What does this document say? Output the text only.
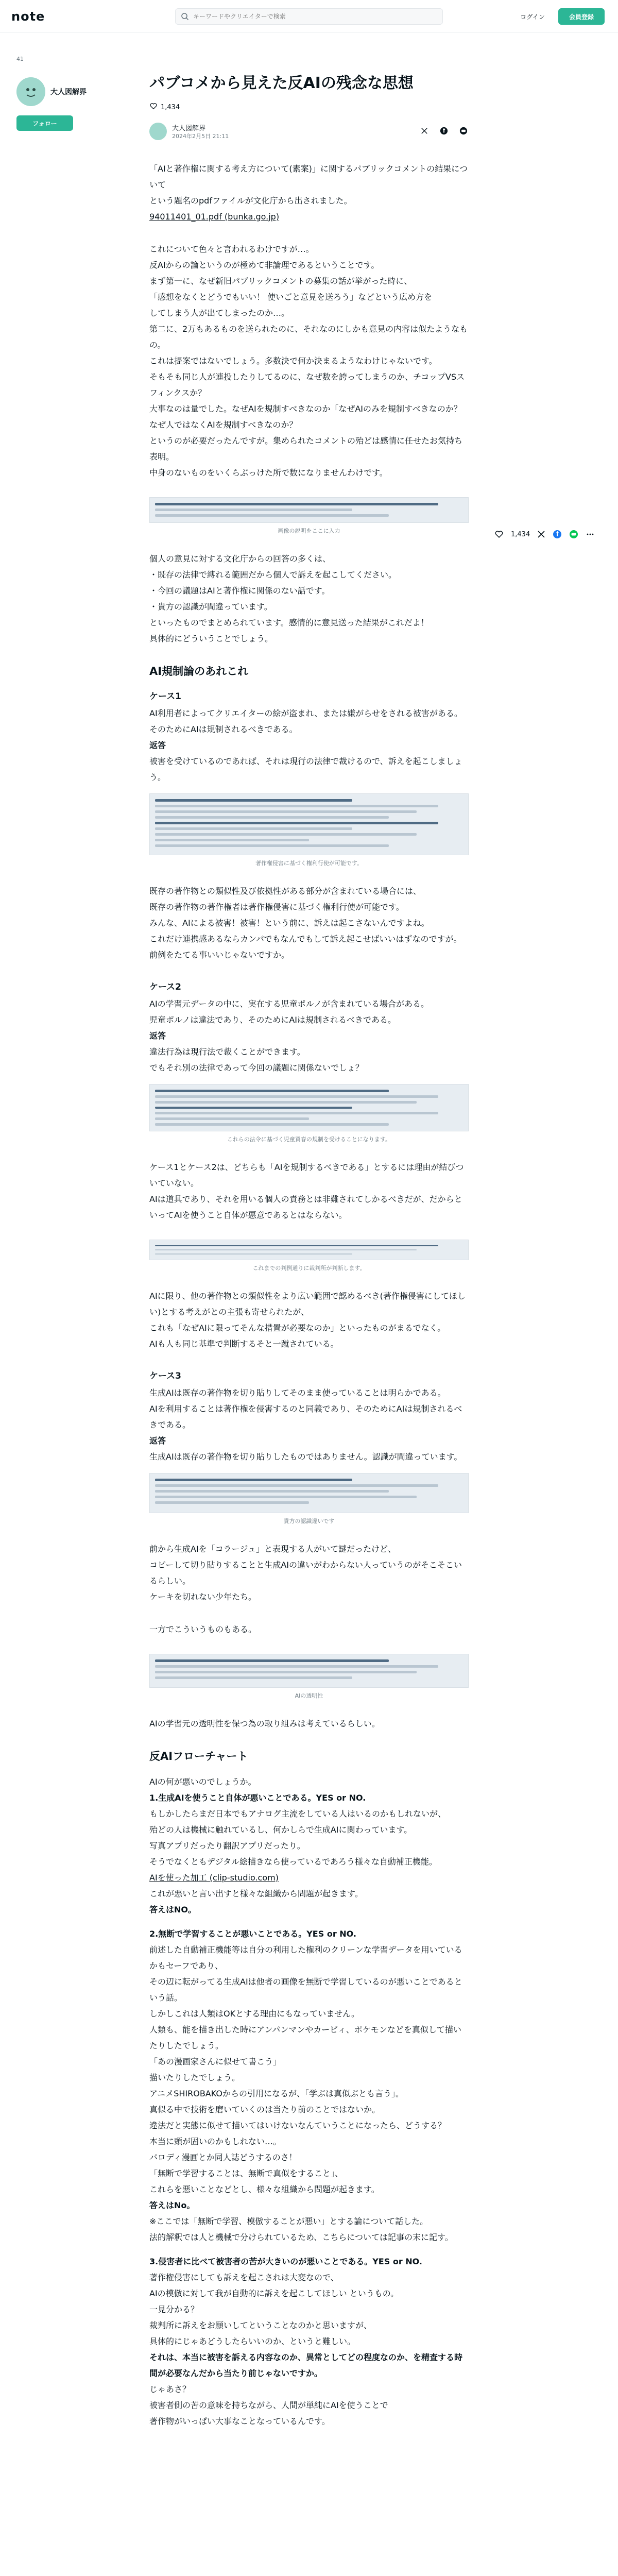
note
キーワードやクリエイターで検索	ログイン	会員登録
41
大人図解界
フォロー
1,434
パブコメから見えた反AIの残念な思想
1,434
大人図解界
2024年2月5日 21:11

「AIと著作権に関する考え方について(素案)」に関するパブリックコメントの結果について
という題名のpdfファイルが文化庁から出されました。
94011401_01.pdf (bunka.go.jp)

これについて色々と言われるわけですが…。
反AIからの論というのが極めて非論理であるということです。
まず第一に、なぜ新旧パブリックコメントの募集の話が挙がった時に、
「感想をなくとどうでもいい！ 使いごと意見を送ろう」などという広め方を
してしまう人が出てしまったのか…。
第二に、2万もあるものを送られたのに、それなのにしかも意見の内容は似たようなもの。
これは提案ではないでしょう。多数決で何か決まるようなわけじゃないです。
そもそも同じ人が連投したりしてるのに、なぜ数を誇ってしまうのか、チコップVSスフィンクスか？
大事なのは量でした。なぜAIを規制すべきなのか「なぜAIのみを規制すべきなのか？なぜ人ではなくAIを規制すべきなのか？
というのが必要だったんですが。集められたコメントの殆どは感情に任せたお気持ち表明。
中身のないものをいくらぶっけた所で数になりませんわけです。

画像の説明をここに入力

個人の意見に対する文化庁からの回答の多くは、
・既存の法律で縛れる範囲だから個人で訴えを起こしてください。
・今回の議題はAIと著作権に関係のない話です。
・貴方の認識が間違っています。
といったものでまとめられています。感情的に意見送った結果がこれだよ！
具体的にどういうことでしょう。

AI規制論のあれこれ
ケース1

AI利用者によってクリエイターの絵が盗まれ、または嫌がらせをされる被害がある。
そのためにAIは規制されるべきである。
返答
被害を受けているのであれば、それは現行の法律で裁けるので、訴えを起こしましょう。

著作権侵害に基づく権利行使が可能です。

既存の著作物との類似性及び依拠性がある部分が含まれている場合には、
既存の著作物の著作権者は著作権侵害に基づく権利行使が可能です。
みんな、AIによる被害！被害！という前に、訴えは起こさないんですよね。
これだけ連携感あるならカンパでもなんでもして訴え起こせばいいはずなのですが。前例をたてる事いいじゃないですか。

ケース2

AIの学習元データの中に、実在する児童ポルノが含まれている場合がある。
児童ポルノは違法であり、そのためにAIは規制されるべきである。
返答
違法行為は現行法で裁くことができます。
でもそれ別の法律であって今回の議題に関係ないでしょ？

これらの法令に基づく児童買春の規制を受けることになります。

ケース1とケース2は、どちらも「AIを規制するべきである」とするには理由が結びついていない。
AIは道具であり、それを用いる個人の責務とは非難されてしかるべきだが、だからといってAIを使うこと自体が悪意であるとはならない。

これまでの判例通りに裁判所が判断します。

AIに限り、他の著作物との類似性をより広い範囲で認めるべき(著作権侵害にしてほしい)とする考えがとの主張も寄せられたが、
これも「なぜAIに限ってそんな措置が必要なのか」といったものがまるでなく。
AIも人も同じ基準で判断するそと一蹴されている。

ケース3

生成AIは既存の著作物を切り貼りしてそのまま使っていることは明らかである。
AIを利用することは著作権を侵害するのと同義であり、そのためにAIは規制されるべきである。
返答
生成AIは既存の著作物を切り貼りしたものではありません。認識が間違っています。

貴方の認識違いです

前から生成AIを「コラージュ」と表現する人がいて謎だったけど、
コピーして切り貼りすることと生成AIの違いがわからない人っていうのがそこそこいるらしい。
ケーキを切れない少年たち。

一方でこういうものもある。

AIの透明性

AIの学習元の透明性を保つ為の取り組みは考えているらしい。

反AIフローチャート

AIの何が悪いのでしょうか。
1.生成AIを使うこと自体が悪いことである。YES or NO.
もしかしたらまだ日本でもアナログ主流をしている人はいるのかもしれないが、
殆どの人は機械に触れているし、何かしらで生成AIに関わっています。
写真アプリだったり翻訳アプリだったり。
そうでなくともデジタル絵描きなら使っているであろう様々な自動補正機能。
AIを使った加工 (clip-studio.com)
これが悪いと言い出すと様々な組織から問題が起きます。
答えはNO。

2.無断で学習することが悪いことである。YES or NO.
前述した自動補正機能等は自分の利用した権利のクリーンな学習データを用いているかもセーフであり、
その辺に転がってる生成AIは他者の画像を無断で学習しているのが悪いことであるという話。
しかしこれは人類はOKとする理由にもなっていません。
人類も、能を描き出した時にアンパンマンやカービィ、ポケモンなどを真似して描いたりしたでしょう。
「あの漫画家さんに似せて書こう」
描いたりしたでしょう。
アニメSHIROBAKOからの引用になるが、「学ぶは真似ぶとも言う」。
真似る中で技術を磨いていくのは当たり前のことではないか。
違法だと実態に似せて描いてはいけないなんていうことになったら、どうする？
本当に頭が固いのかもしれない…。
パロディ漫画とか同人誌どうするのさ！
「無断で学習することは、無断で真似をすること」、
これらを悪いことなどとし、様々な組織から問題が起きます。
答えはNo。
※ここでは「無断で学習、模倣することが悪い」とする論について話した。
法的解釈では人と機械で分けられているため、こちらについては記事の末に記す。

3.侵害者に比べて被害者の苦が大きいのが悪いことである。YES or NO.
著作権侵害にしても訴えを起こされは大変なので、
AIの模倣に対して我が自動的に訴えを起こしてほしい というもの。
一見分かる？
裁判所に訴えをお願いしてということなのかと思いますが、
具体的にじゃあどうしたらいいのか、というと難しい。
それは、本当に被害を訴える内容なのか、異常としてどの程度なのか、を精査する時間が必要なんだから当たり前じゃないですか。
じゃあさ？
被害者側の苦の意味を持ちながら、人間が単純にAIを使うことで
著作物がいっぱい大事なことなっているんです。
